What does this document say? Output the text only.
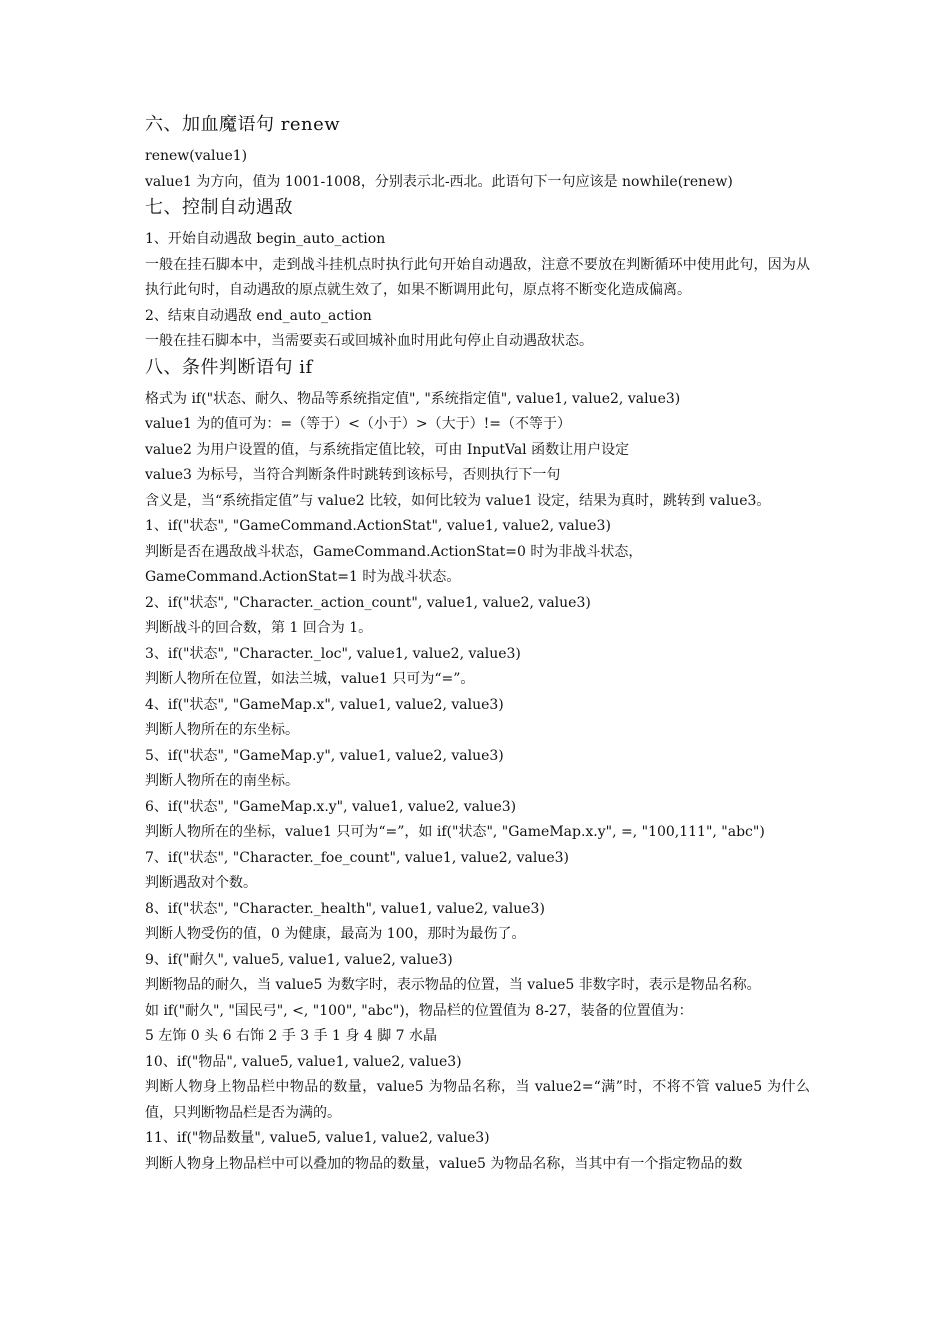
六、加血魔语句 renew

renew(value1)

value1 为方向，值为 1001-1008，分别表示北-西北。此语句下一句应该是 nowhile(renew)

七、控制自动遇敌

1、开始自动遇敌 begin_auto_action

一般在挂石脚本中，走到战斗挂机点时执行此句开始自动遇敌，注意不要放在判断循环中使用此句，因为从执行此句时，自动遇敌的原点就生效了，如果不断调用此句，原点将不断变化造成偏离。

2、结束自动遇敌 end_auto_action

一般在挂石脚本中，当需要卖石或回城补血时用此句停止自动遇敌状态。

八、条件判断语句 if

格式为 if("状态、耐久、物品等系统指定值", "系统指定值", value1, value2, value3)

value1 为的值可为：=（等于）<（小于）>（大于）!=（不等于）

value2 为用户设置的值，与系统指定值比较，可由 InputVal 函数让用户设定

value3 为标号，当符合判断条件时跳转到该标号，否则执行下一句

含义是，当“系统指定值”与 value2 比较，如何比较为 value1 设定，结果为真时，跳转到 value3。

1、if("状态", "GameCommand.ActionStat", value1, value2, value3)

判断是否在遇敌战斗状态，GameCommand.ActionStat=0 时为非战斗状态，

GameCommand.ActionStat=1 时为战斗状态。

2、if("状态", "Character._action_count", value1, value2, value3)

判断战斗的回合数，第 1 回合为 1。

3、if("状态", "Character._loc", value1, value2, value3)

判断人物所在位置，如法兰城，value1 只可为“=”。

4、if("状态", "GameMap.x", value1, value2, value3)

判断人物所在的东坐标。

5、if("状态", "GameMap.y", value1, value2, value3)

判断人物所在的南坐标。

6、if("状态", "GameMap.x.y", value1, value2, value3)

判断人物所在的坐标，value1 只可为“=”，如 if("状态", "GameMap.x.y", =, "100,111", "abc")

7、if("状态", "Character._foe_count", value1, value2, value3)

判断遇敌对个数。

8、if("状态", "Character._health", value1, value2, value3)

判断人物受伤的值，0 为健康，最高为 100，那时为最伤了。

9、if("耐久", value5, value1, value2, value3)

判断物品的耐久，当 value5 为数字时，表示物品的位置，当 value5 非数字时，表示是物品名称。

如 if("耐久", "国民弓", <, "100", "abc")，物品栏的位置值为 8-27，装备的位置值为：

5 左饰 0 头 6 右饰 2 手 3 手 1 身 4 脚 7 水晶

10、if("物品", value5, value1, value2, value3)

判断人物身上物品栏中物品的数量，value5 为物品名称，当 value2=“满”时，不将不管 value5 为什么值，只判断物品栏是否为满的。

11、if("物品数量", value5, value1, value2, value3)

判断人物身上物品栏中可以叠加的物品的数量，value5 为物品名称，当其中有一个指定物品的数
